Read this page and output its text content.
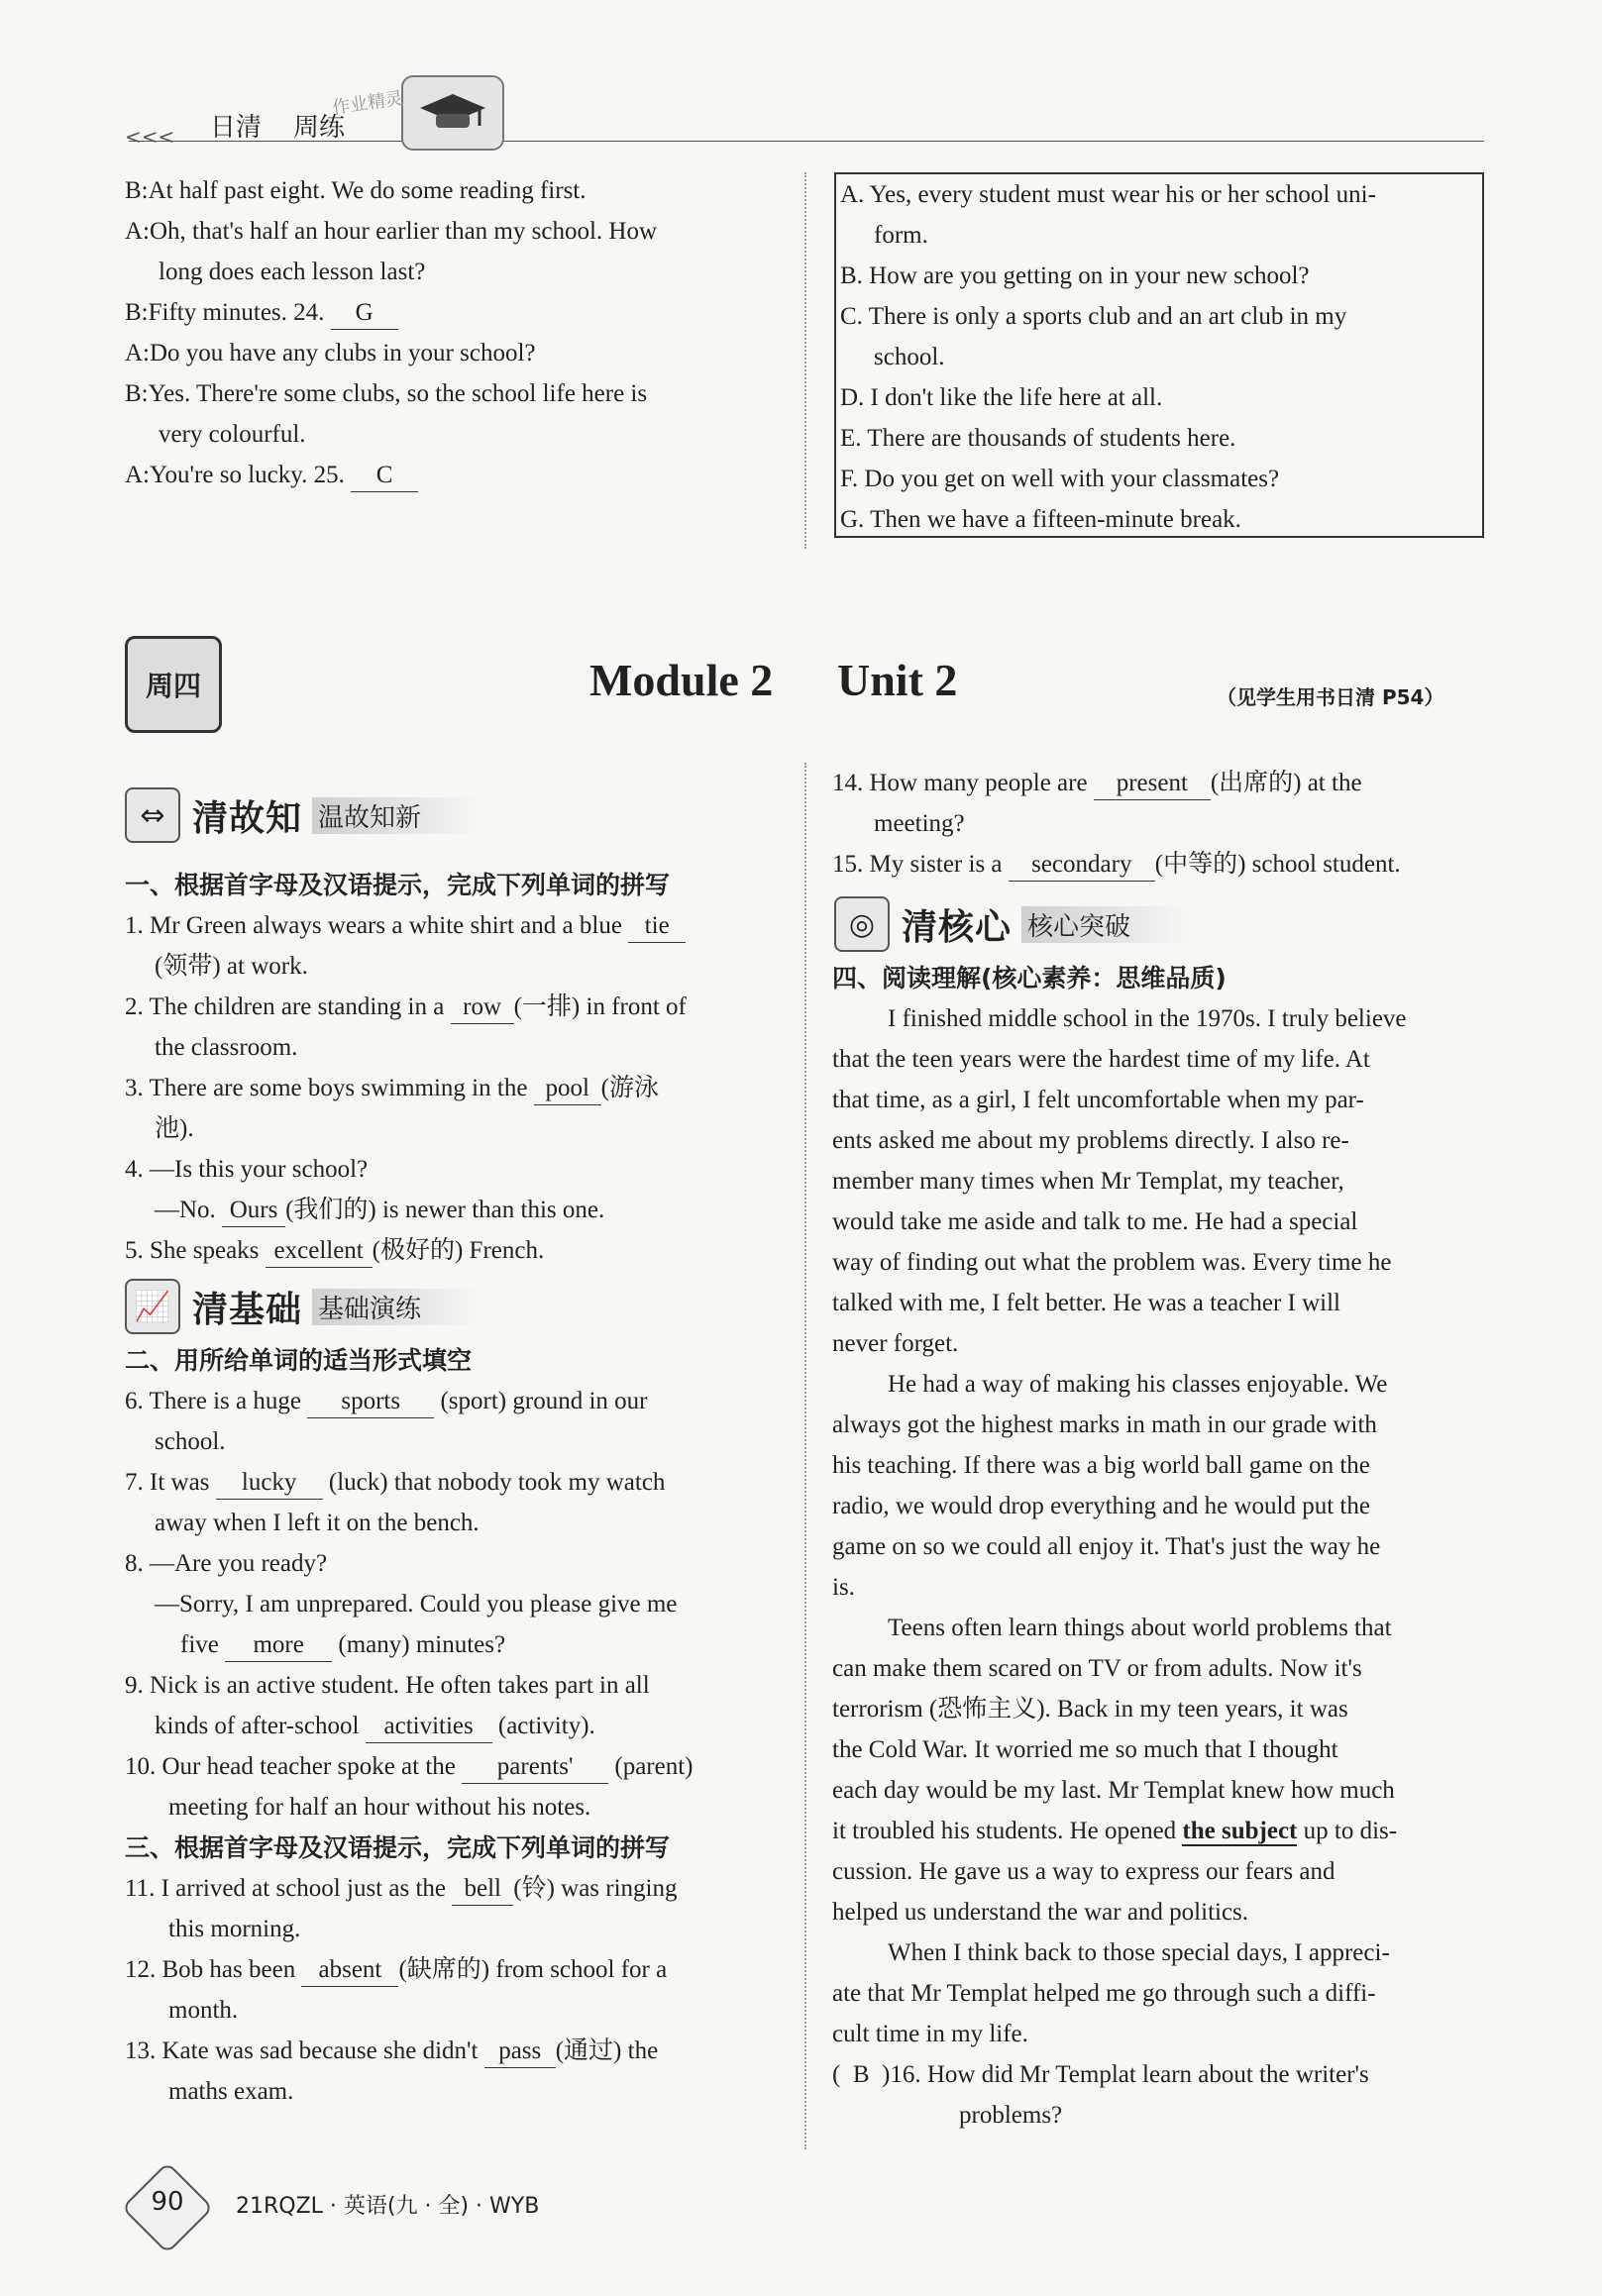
<<< 日清 周练
作业精灵
B:At half past eight. We do some reading first.
A:Oh, that's half an hour earlier than my school. How
long does each lesson last?
B:Fifty minutes. 24. G
A:Do you have any clubs in your school?
B:Yes. There're some clubs, so the school life here is
very colourful.
A:You're so lucky. 25. C
A. Yes, every student must wear his or her school uni-
form.
B. How are you getting on in your new school?
C. There is only a sports club and an art club in my
school.
D. I don't like the life here at all.
E. There are thousands of students here.
F. Do you get on well with your classmates?
G. Then we have a fifteen-minute break.
周四	Module 2 Unit 2	（见学生用书日清 P54）
⇔ 清故知 温故知新
一、根据首字母及汉语提示，完成下列单词的拼写
1. Mr Green always wears a white shirt and a blue tie
(领带) at work.
2. The children are standing in a row (一排) in front of
the classroom.
3. There are some boys swimming in the pool (游泳
池).
4. —Is this your school?
—No. Ours (我们的) is newer than this one.
5. She speaks excellent (极好的) French.
📈 清基础 基础演练
二、用所给单词的适当形式填空
6. There is a huge sports (sport) ground in our
school.
7. It was lucky (luck) that nobody took my watch
away when I left it on the bench.
8. —Are you ready?
—Sorry, I am unprepared. Could you please give me
five more (many) minutes?
9. Nick is an active student. He often takes part in all
kinds of after-school activities (activity).
10. Our head teacher spoke at the parents' (parent)
meeting for half an hour without his notes.
三、根据首字母及汉语提示，完成下列单词的拼写
11. I arrived at school just as the bell (铃) was ringing
this morning.
12. Bob has been absent (缺席的) from school for a
month.
13. Kate was sad because she didn't pass (通过) the
maths exam.
14. How many people are present (出席的) at the
meeting?
15. My sister is a secondary (中等的) school student.
◎ 清核心 核心突破
四、阅读理解(核心素养：思维品质)
I finished middle school in the 1970s. I truly believe
that the teen years were the hardest time of my life. At
that time, as a girl, I felt uncomfortable when my par-
ents asked me about my problems directly. I also re-
member many times when Mr Templat, my teacher,
would take me aside and talk to me. He had a special
way of finding out what the problem was. Every time he
talked with me, I felt better. He was a teacher I will
never forget.
He had a way of making his classes enjoyable. We
always got the highest marks in math in our grade with
his teaching. If there was a big world ball game on the
radio, we would drop everything and he would put the
game on so we could all enjoy it. That's just the way he
is.
Teens often learn things about world problems that
can make them scared on TV or from adults. Now it's
terrorism (恐怖主义). Back in my teen years, it was
the Cold War. It worried me so much that I thought
each day would be my last. Mr Templat knew how much
it troubled his students. He opened the subject up to dis-
cussion. He gave us a way to express our fears and
helped us understand the war and politics.
When I think back to those special days, I appreci-
ate that Mr Templat helped me go through such a diffi-
cult time in my life.
(  B )16. How did Mr Templat learn about the writer's
problems?
90	21RQZL · 英语(九 · 全) · WYB
